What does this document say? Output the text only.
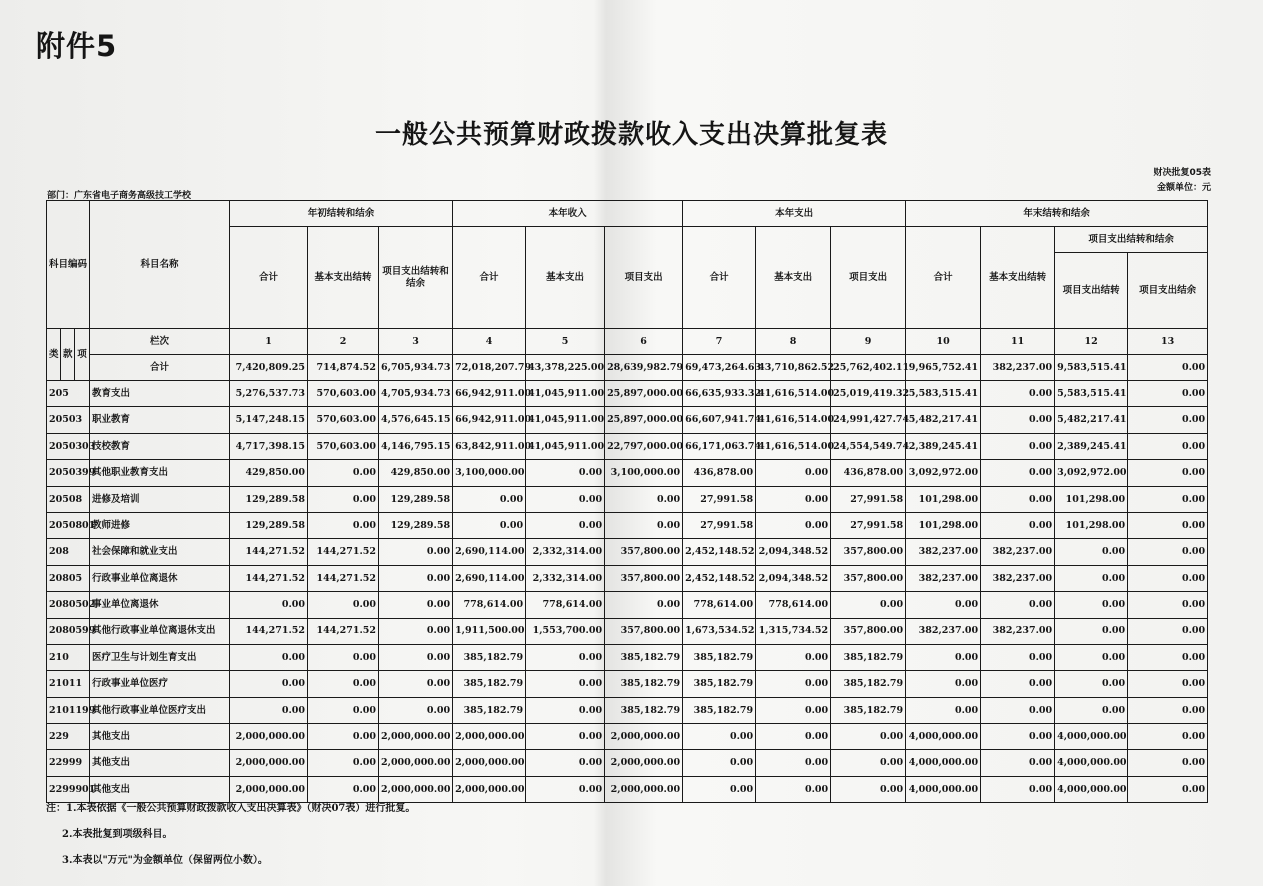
附件5
一般公共预算财政拨款收入支出决算批复表
财决批复05表
金额单位：元
部门：广东省电子商务高级技工学校
科目编码			科目名称	年初结转和结余			本年收入			本年支出			年末结转和结余			
				合计	基本支出结转	项目支出结转和结余	合计	基本支出	项目支出	合计	基本支出	项目支出	合计	基本支出结转	项目支出结转和结余	
															项目支出结转	项目支出结余
类	款	项	栏次	1	2	3	4	5	6	7	8	9	10	11	12	13
			合计	7,420,809.25	714,874.52	6,705,934.73	72,018,207.79	43,378,225.00	28,639,982.79	69,473,264.63	43,710,862.52	25,762,402.11	9,965,752.41	382,237.00	9,583,515.41	0.00
205			教育支出	5,276,537.73	570,603.00	4,705,934.73	66,942,911.00	41,045,911.00	25,897,000.00	66,635,933.32	41,616,514.00	25,019,419.32	5,583,515.41	0.00	5,583,515.41	0.00
20503			职业教育	5,147,248.15	570,603.00	4,576,645.15	66,942,911.00	41,045,911.00	25,897,000.00	66,607,941.74	41,616,514.00	24,991,427.74	5,482,217.41	0.00	5,482,217.41	0.00
2050303			技校教育	4,717,398.15	570,603.00	4,146,795.15	63,842,911.00	41,045,911.00	22,797,000.00	66,171,063.74	41,616,514.00	24,554,549.74	2,389,245.41	0.00	2,389,245.41	0.00
2050399			其他职业教育支出	429,850.00	0.00	429,850.00	3,100,000.00	0.00	3,100,000.00	436,878.00	0.00	436,878.00	3,092,972.00	0.00	3,092,972.00	0.00
20508			进修及培训	129,289.58	0.00	129,289.58	0.00	0.00	0.00	27,991.58	0.00	27,991.58	101,298.00	0.00	101,298.00	0.00
2050801			教师进修	129,289.58	0.00	129,289.58	0.00	0.00	0.00	27,991.58	0.00	27,991.58	101,298.00	0.00	101,298.00	0.00
208			社会保障和就业支出	144,271.52	144,271.52	0.00	2,690,114.00	2,332,314.00	357,800.00	2,452,148.52	2,094,348.52	357,800.00	382,237.00	382,237.00	0.00	0.00
20805			行政事业单位离退休	144,271.52	144,271.52	0.00	2,690,114.00	2,332,314.00	357,800.00	2,452,148.52	2,094,348.52	357,800.00	382,237.00	382,237.00	0.00	0.00
2080502			事业单位离退休	0.00	0.00	0.00	778,614.00	778,614.00	0.00	778,614.00	778,614.00	0.00	0.00	0.00	0.00	0.00
2080599			其他行政事业单位离退休支出	144,271.52	144,271.52	0.00	1,911,500.00	1,553,700.00	357,800.00	1,673,534.52	1,315,734.52	357,800.00	382,237.00	382,237.00	0.00	0.00
210			医疗卫生与计划生育支出	0.00	0.00	0.00	385,182.79	0.00	385,182.79	385,182.79	0.00	385,182.79	0.00	0.00	0.00	0.00
21011			行政事业单位医疗	0.00	0.00	0.00	385,182.79	0.00	385,182.79	385,182.79	0.00	385,182.79	0.00	0.00	0.00	0.00
2101199			其他行政事业单位医疗支出	0.00	0.00	0.00	385,182.79	0.00	385,182.79	385,182.79	0.00	385,182.79	0.00	0.00	0.00	0.00
229			其他支出	2,000,000.00	0.00	2,000,000.00	2,000,000.00	0.00	2,000,000.00	0.00	0.00	0.00	4,000,000.00	0.00	4,000,000.00	0.00
22999			其他支出	2,000,000.00	0.00	2,000,000.00	2,000,000.00	0.00	2,000,000.00	0.00	0.00	0.00	4,000,000.00	0.00	4,000,000.00	0.00
2299901			其他支出	2,000,000.00	0.00	2,000,000.00	2,000,000.00	0.00	2,000,000.00	0.00	0.00	0.00	4,000,000.00	0.00	4,000,000.00	0.00
注：1.本表依据《一般公共预算财政拨款收入支出决算表》（财决07表）进行批复。
2.本表批复到项级科目。
3.本表以"万元"为金额单位（保留两位小数）。
